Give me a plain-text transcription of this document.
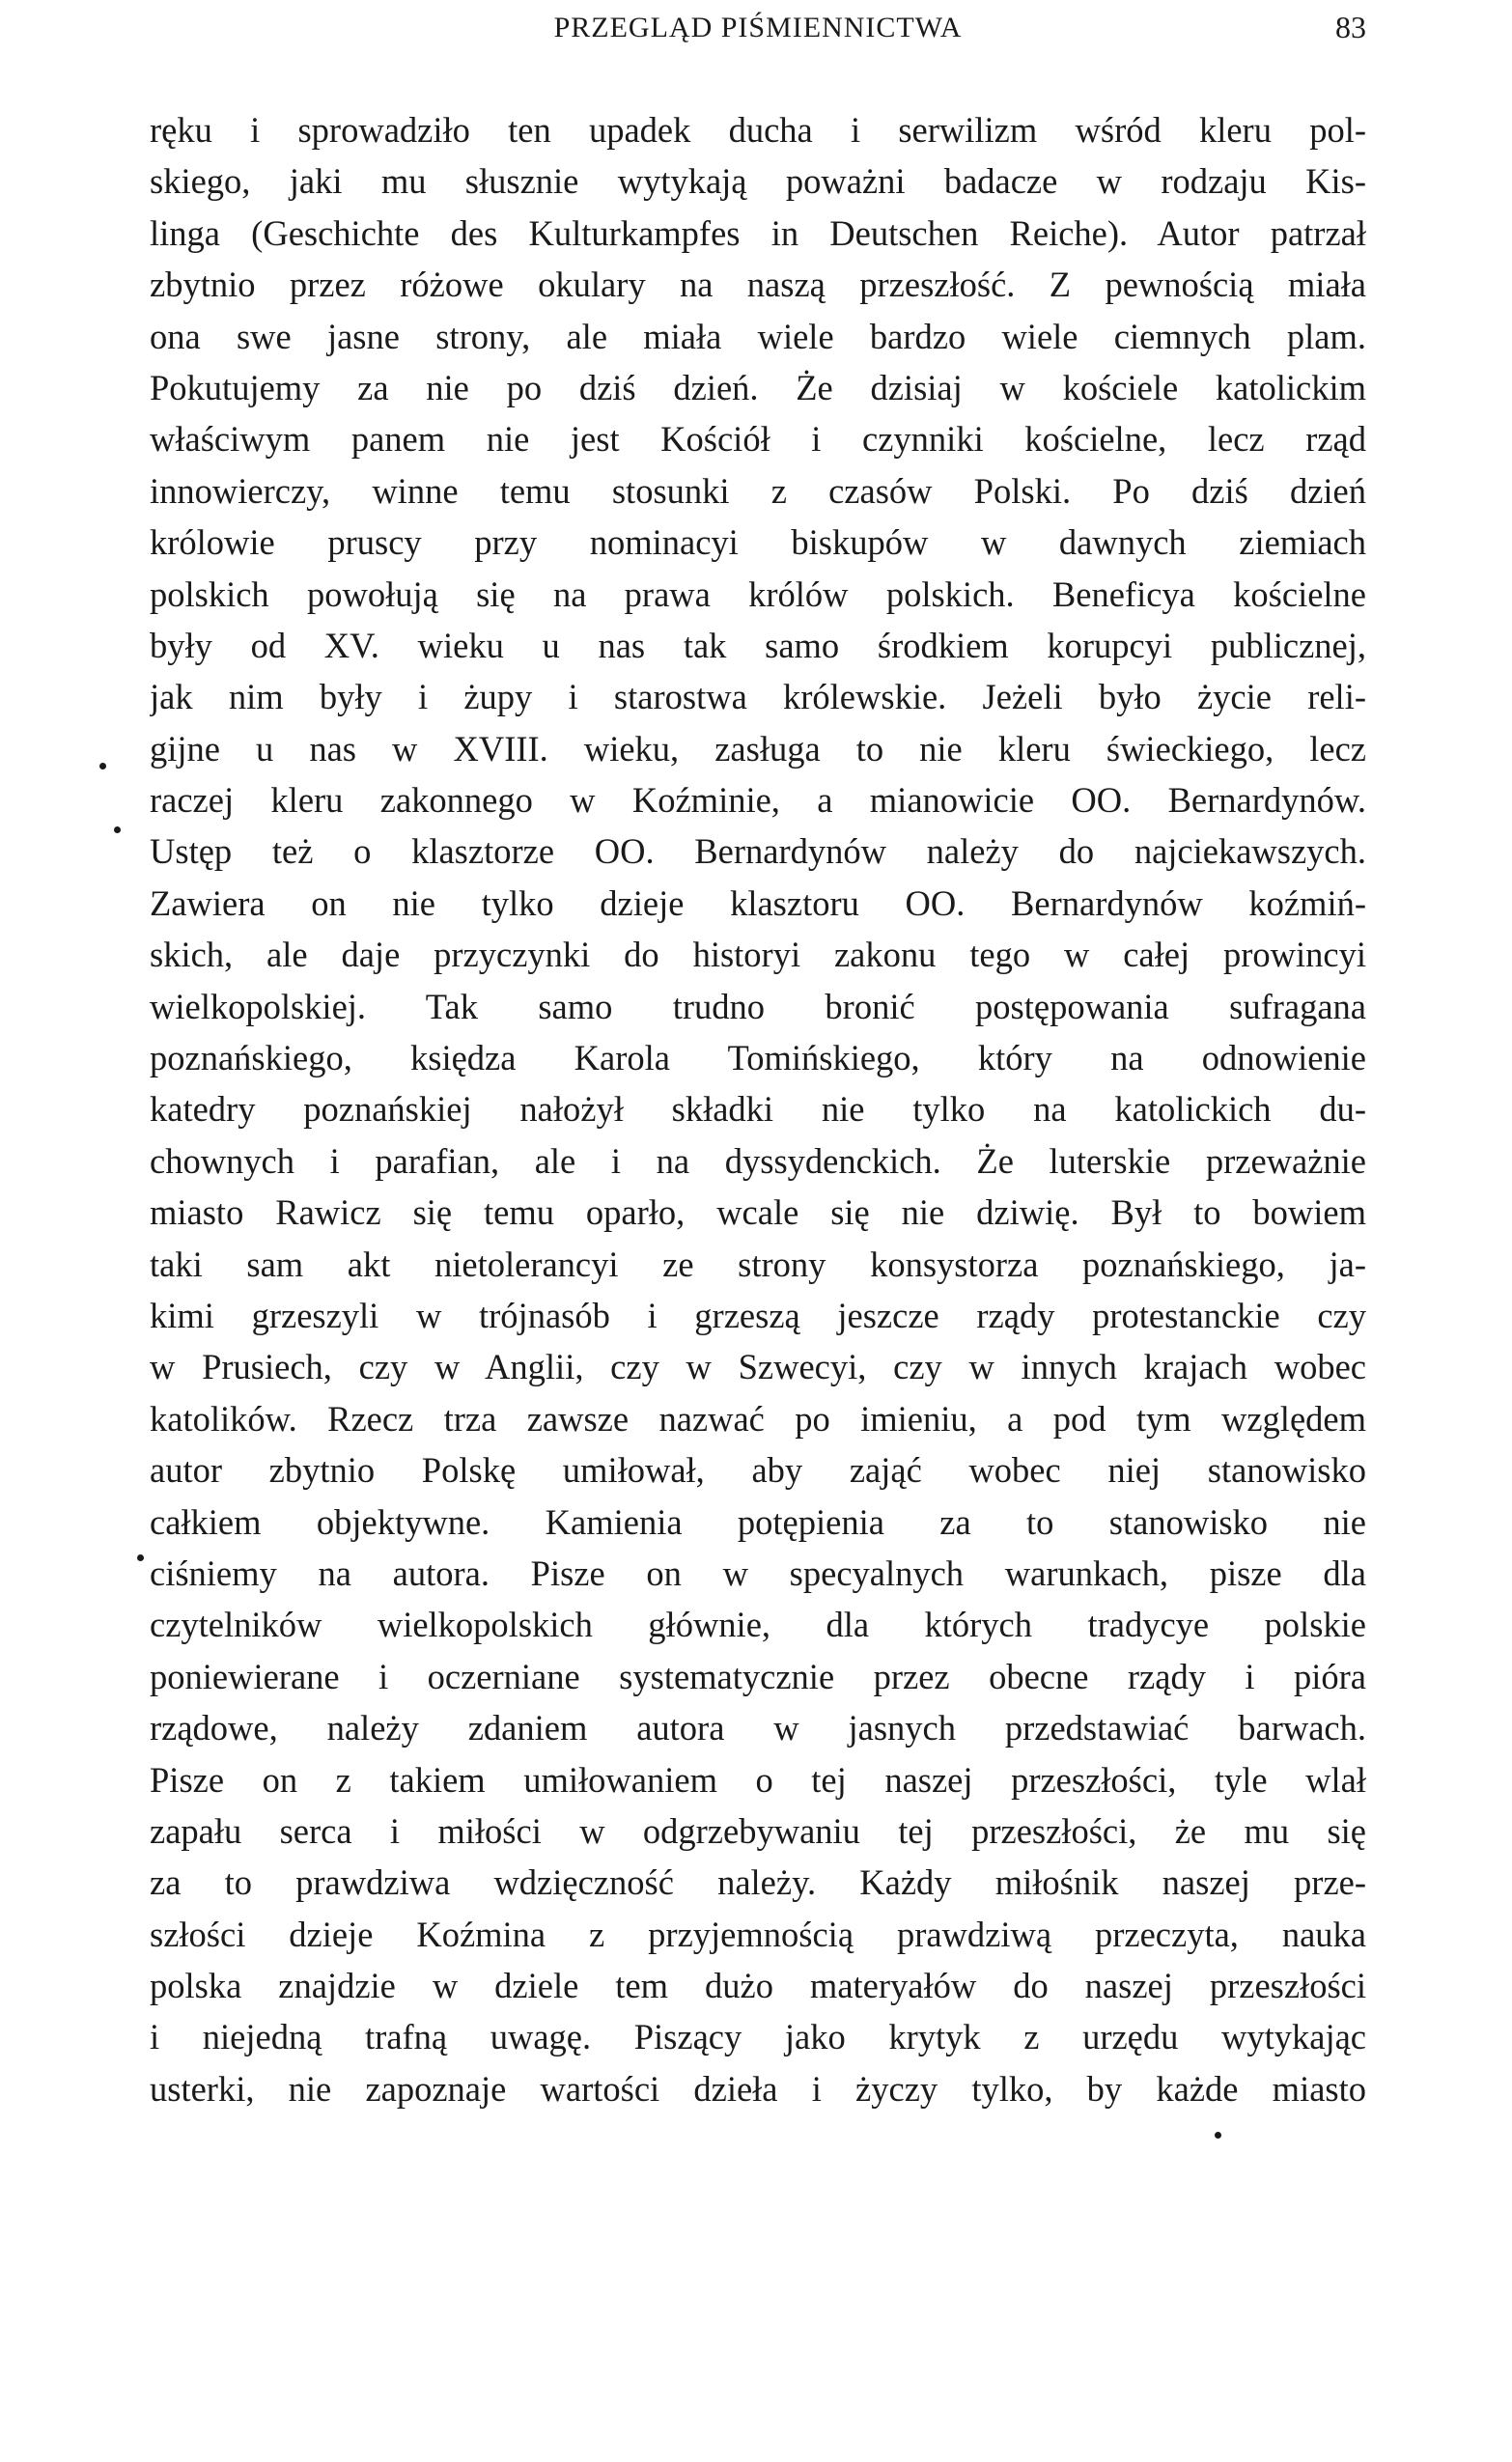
PRZEGLĄD PIŚMIENNICTWA	83
ręku i sprowadziło ten upadek ducha i serwilizm wśród kleru pol-
skiego, jaki mu słusznie wytykają poważni badacze w rodzaju Kis-
linga (Geschichte des Kulturkampfes in Deutschen Reiche). Autor patrzał
zbytnio przez różowe okulary na naszą przeszłość. Z pewnością miała
ona swe jasne strony, ale miała wiele bardzo wiele ciemnych plam.
Pokutujemy za nie po dziś dzień. Że dzisiaj w kościele katolickim
właściwym panem nie jest Kościół i czynniki kościelne, lecz rząd
innowierczy, winne temu stosunki z czasów Polski. Po dziś dzień
królowie pruscy przy nominacyi biskupów w dawnych ziemiach
polskich powołują się na prawa królów polskich. Beneficya kościelne
były od XV. wieku u nas tak samo środkiem korupcyi publicznej,
jak nim były i żupy i starostwa królewskie. Jeżeli było życie reli-
gijne u nas w XVIII. wieku, zasługa to nie kleru świeckiego, lecz
raczej kleru zakonnego w Koźminie, a mianowicie OO. Bernardynów.
Ustęp też o klasztorze OO. Bernardynów należy do najciekawszych.
Zawiera on nie tylko dzieje klasztoru OO. Bernardynów koźmiń-
skich, ale daje przyczynki do historyi zakonu tego w całej prowincyi
wielkopolskiej. Tak samo trudno bronić postępowania sufragana
poznańskiego, księdza Karola Tomińskiego, który na odnowienie
katedry poznańskiej nałożył składki nie tylko na katolickich du-
chownych i parafian, ale i na dyssydenckich. Że luterskie przeważnie
miasto Rawicz się temu oparło, wcale się nie dziwię. Był to bowiem
taki sam akt nietolerancyi ze strony konsystorza poznańskiego, ja-
kimi grzeszyli w trójnasób i grzeszą jeszcze rządy protestanckie czy
w Prusiech, czy w Anglii, czy w Szwecyi, czy w innych krajach wobec
katolików. Rzecz trza zawsze nazwać po imieniu, a pod tym względem
autor zbytnio Polskę umiłował, aby zająć wobec niej stanowisko
całkiem objektywne. Kamienia potępienia za to stanowisko nie
ciśniemy na autora. Pisze on w specyalnych warunkach, pisze dla
czytelników wielkopolskich głównie, dla których tradycye polskie
poniewierane i oczerniane systematycznie przez obecne rządy i pióra
rządowe, należy zdaniem autora w jasnych przedstawiać barwach.
Pisze on z takiem umiłowaniem o tej naszej przeszłości, tyle wlał
zapału serca i miłości w odgrzebywaniu tej przeszłości, że mu się
za to prawdziwa wdzięczność należy. Każdy miłośnik naszej prze-
szłości dzieje Koźmina z przyjemnością prawdziwą przeczyta, nauka
polska znajdzie w dziele tem dużo materyałów do naszej przeszłości
i niejedną trafną uwagę. Piszący jako krytyk z urzędu wytykając
usterki, nie zapoznaje wartości dzieła i życzy tylko, by każde miasto
